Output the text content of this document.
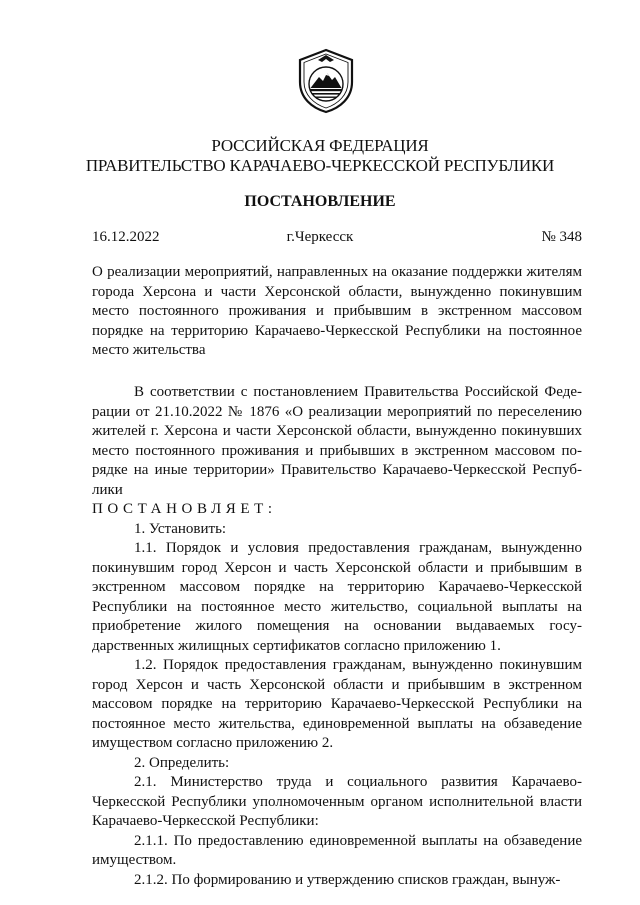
РОССИЙСКАЯ ФЕДЕРАЦИЯ
ПРАВИТЕЛЬСТВО КАРАЧАЕВО-ЧЕРКЕССКОЙ РЕСПУБЛИКИ
ПОСТАНОВЛЕНИЕ
16.12.2022	г.Черкесск	№ 348

О реализации мероприятий, направленных на оказание поддержки жителям города Херсона и части Херсонской области, вынужденно покинувшим место постоянного проживания и прибывшим в экстренном массовом порядке на территорию Карачаево-Черкесской Республики на постоянное место жительства

В соответствии с постановлением Правительства Российской Федерации от 21.10.2022 № 1876 «О реализации мероприятий по переселению жителей г. Херсона и части Херсонской области, вынужденно покинувших место постоянного проживания и прибывших в экстренном массовом порядке на иные территории» Правительство Карачаево-Черкесской Республики

ПОСТАНОВЛЯЕТ:

1. Установить:

1.1. Порядок и условия предоставления гражданам, вынужденно покинувшим город Херсон и часть Херсонской области и прибывшим в экстренном массовом порядке на территорию Карачаево-Черкесской Республики на постоянное место жительство, социальной выплаты на приобретение жилого помещения на основании выдаваемых государственных жилищных сертификатов согласно приложению 1.

1.2. Порядок предоставления гражданам, вынужденно покинувшим город Херсон и часть Херсонской области и прибывшим в экстренном массовом порядке на территорию Карачаево-Черкесской Республики на постоянное место жительства, единовременной выплаты на обзаведение имуществом согласно приложению 2.

2. Определить:

2.1. Министерство труда и социального развития Карачаево-Черкесской Республики уполномоченным органом исполнительной власти Карачаево-Черкесской Республики:

2.1.1. По предоставлению единовременной выплаты на обзаведение имуществом.

2.1.2. По формированию и утверждению списков граждан, вынуж-
